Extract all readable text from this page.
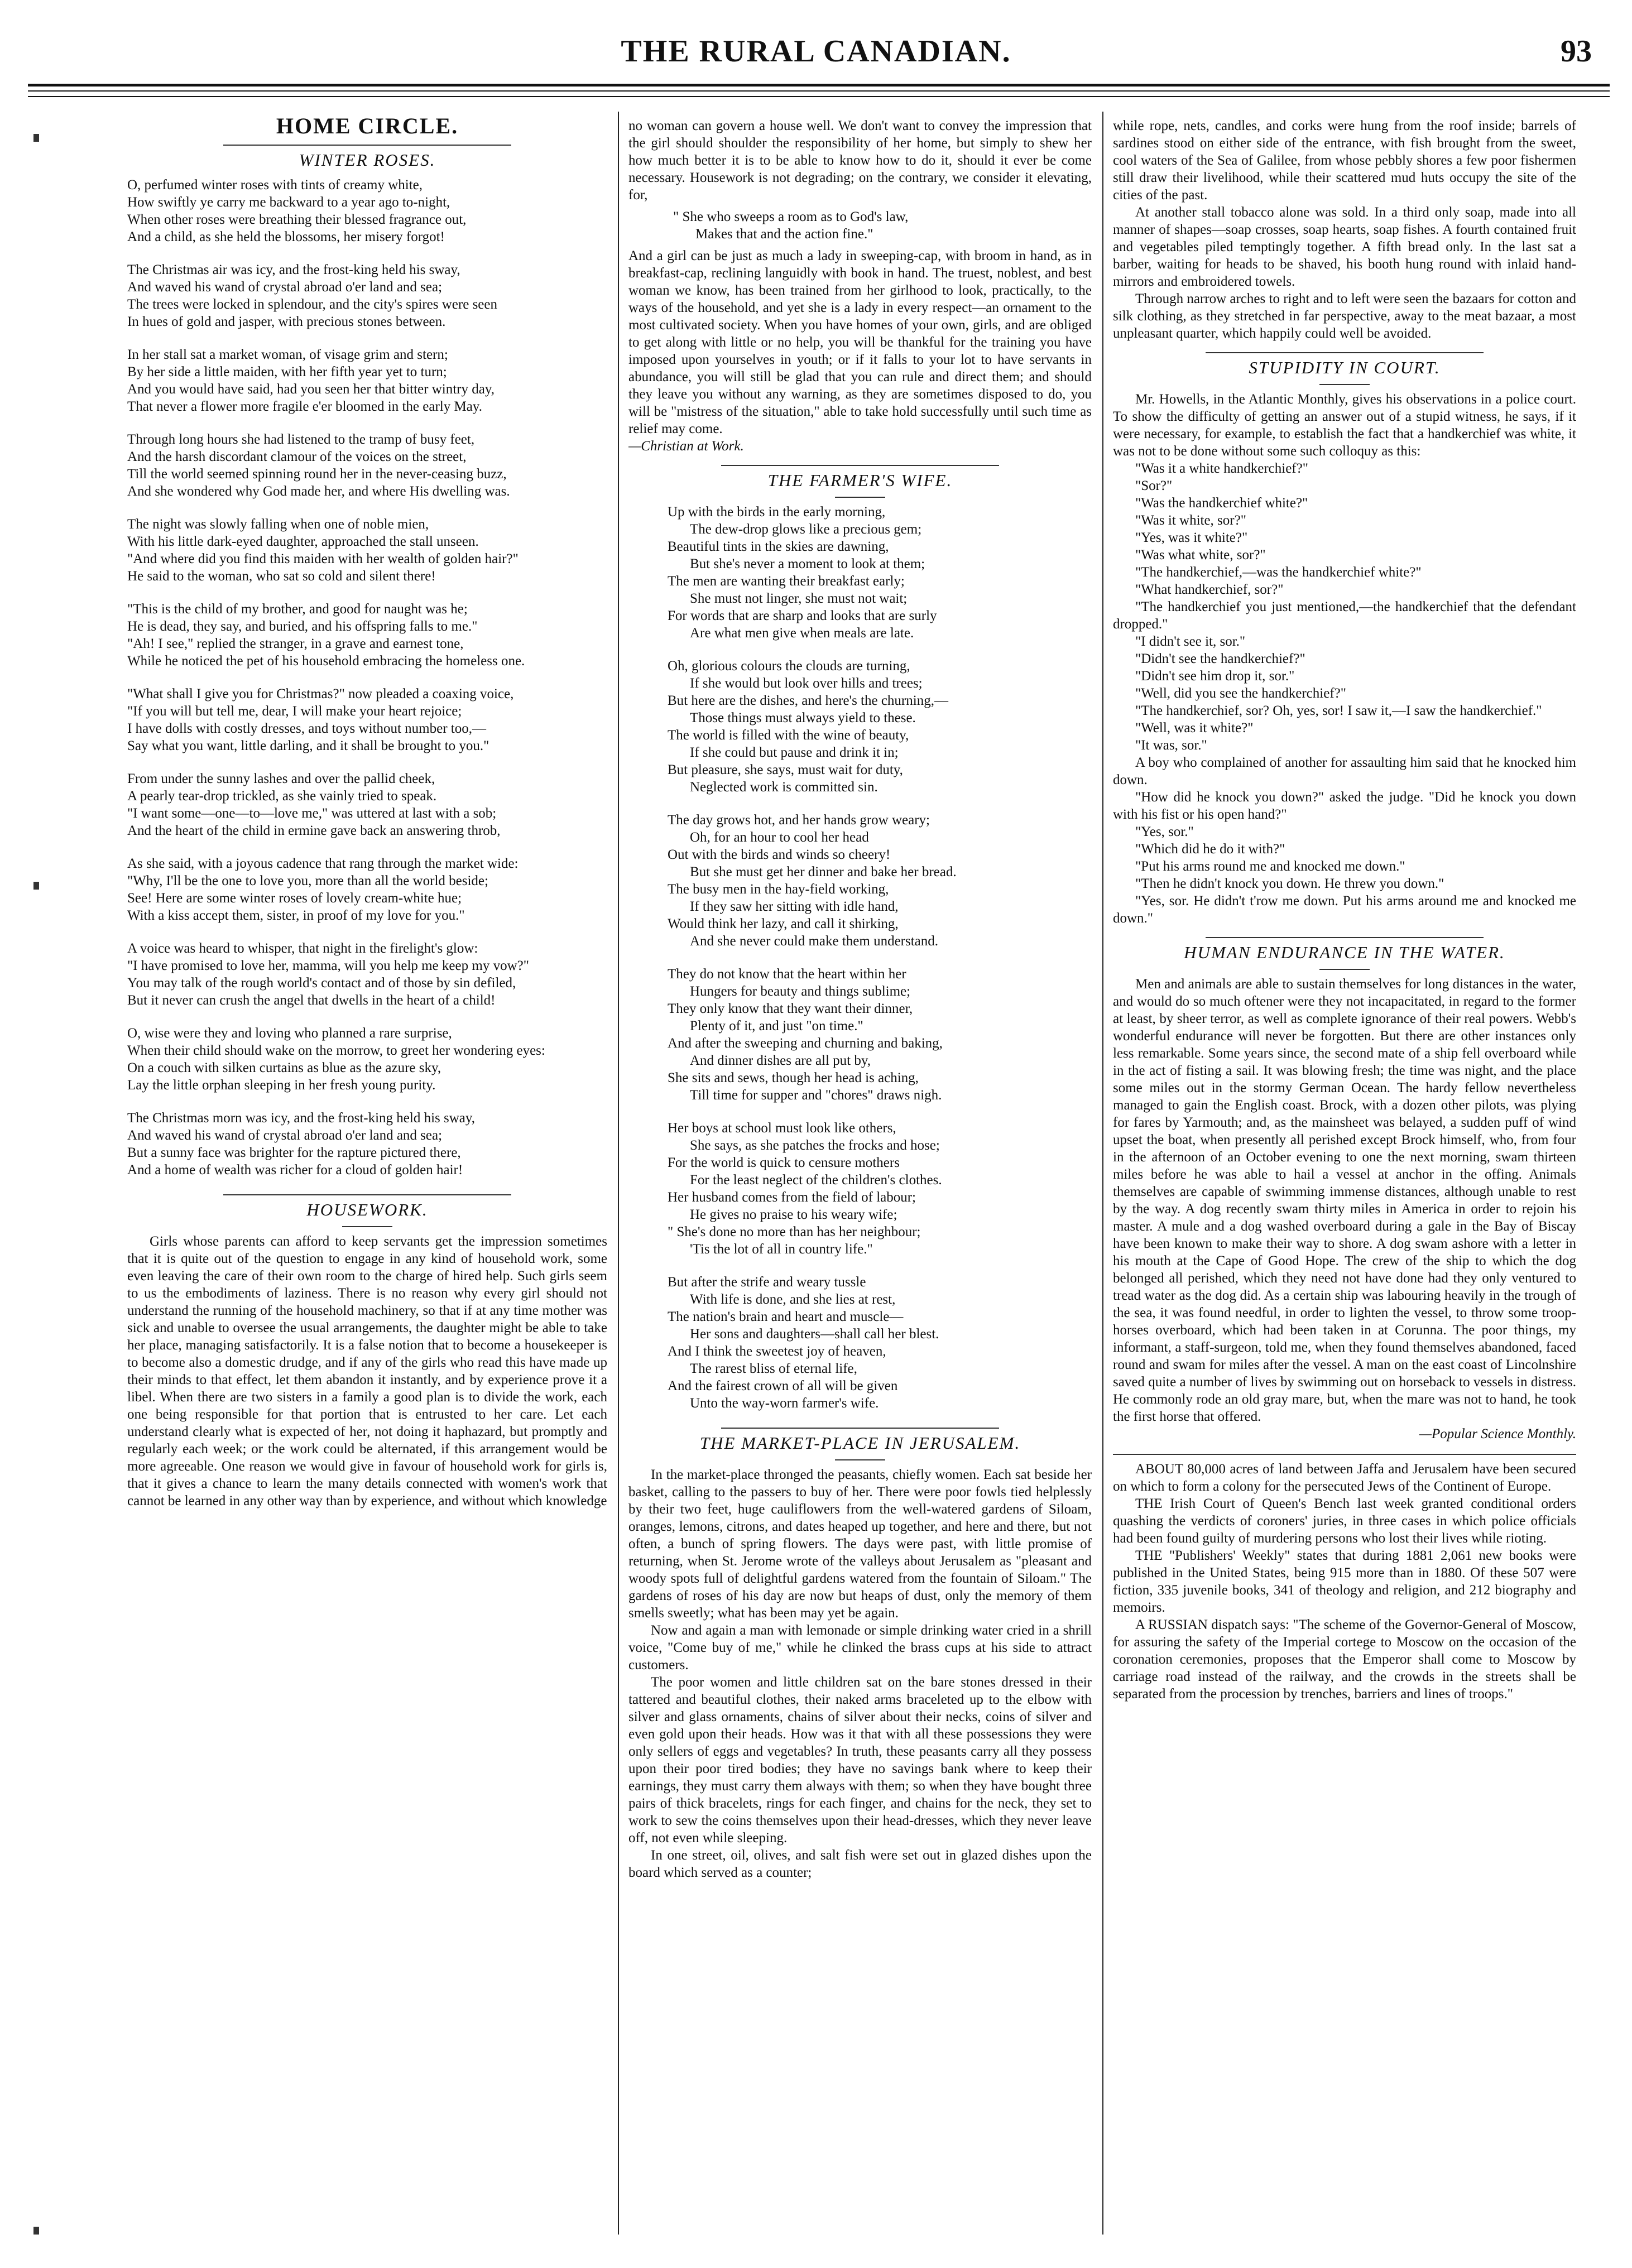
THE RURAL CANADIAN.	93
HOME CIRCLE.
WINTER ROSES.
O, perfumed winter roses with tints of creamy white,
How swiftly ye carry me backward to a year ago to-night,
When other roses were breathing their blessed fragrance out,
And a child, as she held the blossoms, her misery forgot!
The Christmas air was icy, and the frost-king held his sway,
And waved his wand of crystal abroad o'er land and sea;
The trees were locked in splendour, and the city's spires were seen
In hues of gold and jasper, with precious stones between.
In her stall sat a market woman, of visage grim and stern;
By her side a little maiden, with her fifth year yet to turn;
And you would have said, had you seen her that bitter wintry day,
That never a flower more fragile e'er bloomed in the early May.
Through long hours she had listened to the tramp of busy feet,
And the harsh discordant clamour of the voices on the street,
Till the world seemed spinning round her in the never-ceasing buzz,
And she wondered why God made her, and where His dwelling was.
The night was slowly falling when one of noble mien,
With his little dark-eyed daughter, approached the stall unseen.
"And where did you find this maiden with her wealth of golden hair?"
He said to the woman, who sat so cold and silent there!
"This is the child of my brother, and good for naught was he;
He is dead, they say, and buried, and his offspring falls to me."
"Ah! I see," replied the stranger, in a grave and earnest tone,
While he noticed the pet of his household embracing the homeless one.
"What shall I give you for Christmas?" now pleaded a coaxing voice,
"If you will but tell me, dear, I will make your heart rejoice;
I have dolls with costly dresses, and toys without number too,—
Say what you want, little darling, and it shall be brought to you."
From under the sunny lashes and over the pallid cheek,
A pearly tear-drop trickled, as she vainly tried to speak.
"I want some—one—to—love me," was uttered at last with a sob;
And the heart of the child in ermine gave back an answering throb,
As she said, with a joyous cadence that rang through the market wide:
"Why, I'll be the one to love you, more than all the world beside;
See! Here are some winter roses of lovely cream-white hue;
With a kiss accept them, sister, in proof of my love for you."
A voice was heard to whisper, that night in the firelight's glow:
"I have promised to love her, mamma, will you help me keep my vow?"
You may talk of the rough world's contact and of those by sin defiled,
But it never can crush the angel that dwells in the heart of a child!
O, wise were they and loving who planned a rare surprise,
When their child should wake on the morrow, to greet her wondering eyes:
On a couch with silken curtains as blue as the azure sky,
Lay the little orphan sleeping in her fresh young purity.
The Christmas morn was icy, and the frost-king held his sway,
And waved his wand of crystal abroad o'er land and sea;
But a sunny face was brighter for the rapture pictured there,
And a home of wealth was richer for a cloud of golden hair!
HOUSEWORK.

Girls whose parents can afford to keep servants get the impression sometimes that it is quite out of the question to engage in any kind of household work, some even leaving the care of their own room to the charge of hired help. Such girls seem to us the embodiments of laziness. There is no reason why every girl should not understand the running of the household machinery, so that if at any time mother was sick and unable to oversee the usual arrangements, the daughter might be able to take her place, managing satisfactorily. It is a false notion that to become a housekeeper is to become also a domestic drudge, and if any of the girls who read this have made up their minds to that effect, let them abandon it instantly, and by experience prove it a libel. When there are two sisters in a family a good plan is to divide the work, each one being responsible for that portion that is entrusted to her care. Let each understand clearly what is expected of her, not doing it haphazard, but promptly and regularly each week; or the work could be alternated, if this arrangement would be more agreeable. One reason we would give in favour of household work for girls is, that it gives a chance to learn the many details connected with women's work that cannot be learned in any other way than by experience, and without which knowledge

no woman can govern a house well. We don't want to convey the impression that the girl should shoulder the responsibility of her home, but simply to shew her how much better it is to be able to know how to do it, should it ever be come necessary. Housework is not degrading; on the contrary, we consider it elevating, for,

" She who sweeps a room as to God's law,
Makes that and the action fine."

And a girl can be just as much a lady in sweeping-cap, with broom in hand, as in breakfast-cap, reclining languidly with book in hand. The truest, noblest, and best woman we know, has been trained from her girlhood to look, practically, to the ways of the household, and yet she is a lady in every respect—an ornament to the most cultivated society. When you have homes of your own, girls, and are obliged to get along with little or no help, you will be thankful for the training you have imposed upon yourselves in youth; or if it falls to your lot to have servants in abundance, you will still be glad that you can rule and direct them; and should they leave you without any warning, as they are sometimes disposed to do, you will be "mistress of the situation," able to take hold successfully until such time as relief may come.

—Christian at Work.
THE FARMER'S WIFE.
Up with the birds in the early morning,
The dew-drop glows like a precious gem;
Beautiful tints in the skies are dawning,
But she's never a moment to look at them;
The men are wanting their breakfast early;
She must not linger, she must not wait;
For words that are sharp and looks that are surly
Are what men give when meals are late.
Oh, glorious colours the clouds are turning,
If she would but look over hills and trees;
But here are the dishes, and here's the churning,—
Those things must always yield to these.
The world is filled with the wine of beauty,
If she could but pause and drink it in;
But pleasure, she says, must wait for duty,
Neglected work is committed sin.
The day grows hot, and her hands grow weary;
Oh, for an hour to cool her head
Out with the birds and winds so cheery!
But she must get her dinner and bake her bread.
The busy men in the hay-field working,
If they saw her sitting with idle hand,
Would think her lazy, and call it shirking,
And she never could make them understand.
They do not know that the heart within her
Hungers for beauty and things sublime;
They only know that they want their dinner,
Plenty of it, and just "on time."
And after the sweeping and churning and baking,
And dinner dishes are all put by,
She sits and sews, though her head is aching,
Till time for supper and "chores" draws nigh.
Her boys at school must look like others,
She says, as she patches the frocks and hose;
For the world is quick to censure mothers
For the least neglect of the children's clothes.
Her husband comes from the field of labour;
He gives no praise to his weary wife;
" She's done no more than has her neighbour;
'Tis the lot of all in country life."
But after the strife and weary tussle
With life is done, and she lies at rest,
The nation's brain and heart and muscle—
Her sons and daughters—shall call her blest.
And I think the sweetest joy of heaven,
The rarest bliss of eternal life,
And the fairest crown of all will be given
Unto the way-worn farmer's wife.
THE MARKET-PLACE IN JERUSALEM.

In the market-place thronged the peasants, chiefly women. Each sat beside her basket, calling to the passers to buy of her. There were poor fowls tied helplessly by their two feet, huge cauliflowers from the well-watered gardens of Siloam, oranges, lemons, citrons, and dates heaped up together, and here and there, but not often, a bunch of spring flowers. The days were past, with little promise of returning, when St. Jerome wrote of the valleys about Jerusalem as "pleasant and woody spots full of delightful gardens watered from the fountain of Siloam." The gardens of roses of his day are now but heaps of dust, only the memory of them smells sweetly; what has been may yet be again.

Now and again a man with lemonade or simple drinking water cried in a shrill voice, "Come buy of me," while he clinked the brass cups at his side to attract customers.

The poor women and little children sat on the bare stones dressed in their tattered and beautiful clothes, their naked arms braceleted up to the elbow with silver and glass ornaments, chains of silver about their necks, coins of silver and even gold upon their heads. How was it that with all these possessions they were only sellers of eggs and vegetables? In truth, these peasants carry all they possess upon their poor tired bodies; they have no savings bank where to keep their earnings, they must carry them always with them; so when they have bought three pairs of thick bracelets, rings for each finger, and chains for the neck, they set to work to sew the coins themselves upon their head-dresses, which they never leave off, not even while sleeping.

In one street, oil, olives, and salt fish were set out in glazed dishes upon the board which served as a counter;

while rope, nets, candles, and corks were hung from the roof inside; barrels of sardines stood on either side of the entrance, with fish brought from the sweet, cool waters of the Sea of Galilee, from whose pebbly shores a few poor fishermen still draw their livelihood, while their scattered mud huts occupy the site of the cities of the past.

At another stall tobacco alone was sold. In a third only soap, made into all manner of shapes—soap crosses, soap hearts, soap fishes. A fourth contained fruit and vegetables piled temptingly together. A fifth bread only. In the last sat a barber, waiting for heads to be shaved, his booth hung round with inlaid hand-mirrors and embroidered towels.

Through narrow arches to right and to left were seen the bazaars for cotton and silk clothing, as they stretched in far perspective, away to the meat bazaar, a most unpleasant quarter, which happily could well be avoided.

STUPIDITY IN COURT.

Mr. Howells, in the Atlantic Monthly, gives his observations in a police court. To show the difficulty of getting an answer out of a stupid witness, he says, if it were necessary, for example, to establish the fact that a handkerchief was white, it was not to be done without some such colloquy as this:

"Was it a white handkerchief?"

"Sor?"

"Was the handkerchief white?"

"Was it white, sor?"

"Yes, was it white?"

"Was what white, sor?"

"The handkerchief,—was the handkerchief white?"

"What handkerchief, sor?"

"The handkerchief you just mentioned,—the handkerchief that the defendant dropped."

"I didn't see it, sor."

"Didn't see the handkerchief?"

"Didn't see him drop it, sor."

"Well, did you see the handkerchief?"

"The handkerchief, sor? Oh, yes, sor! I saw it,—I saw the handkerchief."

"Well, was it white?"

"It was, sor."

A boy who complained of another for assaulting him said that he knocked him down.

"How did he knock you down?" asked the judge. "Did he knock you down with his fist or his open hand?"

"Yes, sor."

"Which did he do it with?"

"Put his arms round me and knocked me down."

"Then he didn't knock you down. He threw you down."

"Yes, sor. He didn't t'row me down. Put his arms around me and knocked me down."

HUMAN ENDURANCE IN THE WATER.

Men and animals are able to sustain themselves for long distances in the water, and would do so much oftener were they not incapacitated, in regard to the former at least, by sheer terror, as well as complete ignorance of their real powers. Webb's wonderful endurance will never be forgotten. But there are other instances only less remarkable. Some years since, the second mate of a ship fell overboard while in the act of fisting a sail. It was blowing fresh; the time was night, and the place some miles out in the stormy German Ocean. The hardy fellow nevertheless managed to gain the English coast. Brock, with a dozen other pilots, was plying for fares by Yarmouth; and, as the mainsheet was belayed, a sudden puff of wind upset the boat, when presently all perished except Brock himself, who, from four in the afternoon of an October evening to one the next morning, swam thirteen miles before he was able to hail a vessel at anchor in the offing. Animals themselves are capable of swimming immense distances, although unable to rest by the way. A dog recently swam thirty miles in America in order to rejoin his master. A mule and a dog washed overboard during a gale in the Bay of Biscay have been known to make their way to shore. A dog swam ashore with a letter in his mouth at the Cape of Good Hope. The crew of the ship to which the dog belonged all perished, which they need not have done had they only ventured to tread water as the dog did. As a certain ship was labouring heavily in the trough of the sea, it was found needful, in order to lighten the vessel, to throw some troop-horses overboard, which had been taken in at Corunna. The poor things, my informant, a staff-surgeon, told me, when they found themselves abandoned, faced round and swam for miles after the vessel. A man on the east coast of Lincolnshire saved quite a number of lives by swimming out on horseback to vessels in distress. He commonly rode an old gray mare, but, when the mare was not to hand, he took the first horse that offered.

—Popular Science Monthly.

ABOUT 80,000 acres of land between Jaffa and Jerusalem have been secured on which to form a colony for the persecuted Jews of the Continent of Europe.

THE Irish Court of Queen's Bench last week granted conditional orders quashing the verdicts of coroners' juries, in three cases in which police officials had been found guilty of murdering persons who lost their lives while rioting.

THE "Publishers' Weekly" states that during 1881 2,061 new books were published in the United States, being 915 more than in 1880. Of these 507 were fiction, 335 juvenile books, 341 of theology and religion, and 212 biography and memoirs.

A RUSSIAN dispatch says: "The scheme of the Governor-General of Moscow, for assuring the safety of the Imperial cortege to Moscow on the occasion of the coronation ceremonies, proposes that the Emperor shall come to Moscow by carriage road instead of the railway, and the crowds in the streets shall be separated from the procession by trenches, barriers and lines of troops."
